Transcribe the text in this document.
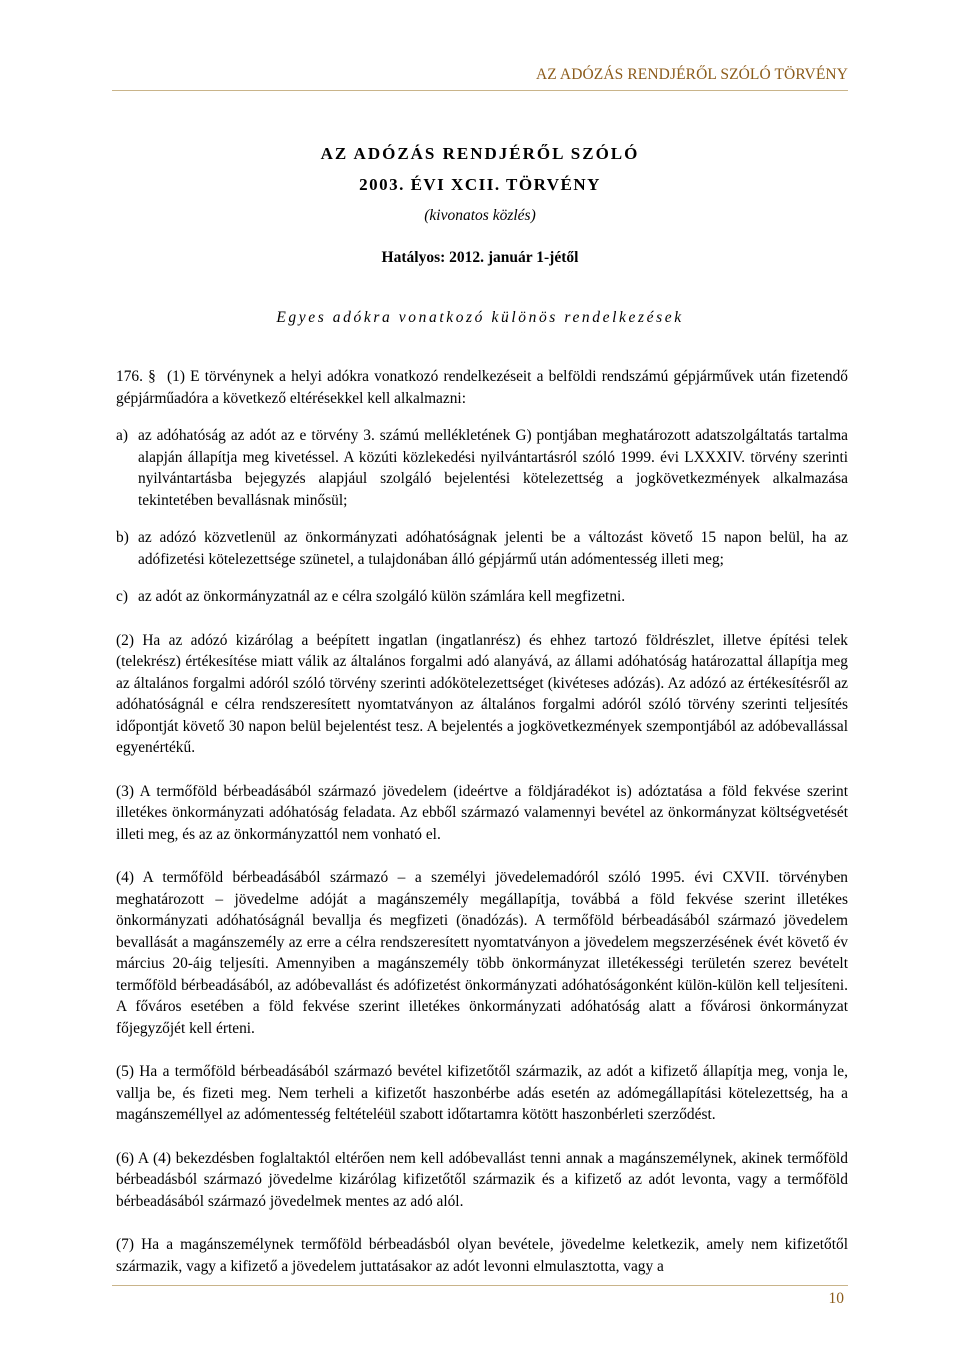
AZ ADÓZÁS RENDJÉRŐL SZÓLÓ TÖRVÉNY
AZ ADÓZÁS RENDJÉRŐL SZÓLÓ
2003. ÉVI XCII. TÖRVÉNY
(kivonatos közlés)
Hatályos: 2012. január 1-jétől
Egyes adókra vonatkozó különös rendelkezések

176. § (1) E törvénynek a helyi adókra vonatkozó rendelkezéseit a belföldi rendszámú gépjárművek után fizetendő gépjárműadóra a következő eltérésekkel kell alkalmazni:

a) az adóhatóság az adót az e törvény 3. számú mellékletének G) pontjában meghatározott adatszolgáltatás tartalma alapján állapítja meg kivetéssel. A közúti közlekedési nyilvántartásról szóló 1999. évi LXXXIV. törvény szerinti nyilvántartásba bejegyzés alapjául szolgáló bejelentési kötelezettség a jogkövetkezmények alkalmazása tekintetében bevallásnak minősül;
b) az adózó közvetlenül az önkormányzati adóhatóságnak jelenti be a változást követő 15 napon belül, ha az adófizetési kötelezettsége szünetel, a tulajdonában álló gépjármű után adómentesség illeti meg;
c) az adót az önkormányzatnál az e célra szolgáló külön számlára kell megfizetni.

(2) Ha az adózó kizárólag a beépített ingatlan (ingatlanrész) és ehhez tartozó földrészlet, illetve építési telek (telekrész) értékesítése miatt válik az általános forgalmi adó alanyává, az állami adóhatóság határozattal állapítja meg az általános forgalmi adóról szóló törvény szerinti adókötelezettséget (kivéteses adózás). Az adózó az értékesítésről az adóhatóságnál e célra rendszeresített nyomtatványon az általános forgalmi adóról szóló törvény szerinti teljesítés időpontját követő 30 napon belül bejelentést tesz. A bejelentés a jogkövetkezmények szempontjából az adóbevallással egyenértékű.

(3) A termőföld bérbeadásából származó jövedelem (ideértve a földjáradékot is) adóztatása a föld fekvése szerint illetékes önkormányzati adóhatóság feladata. Az ebből származó valamennyi bevétel az önkormányzat költségvetését illeti meg, és az az önkormányzattól nem vonható el.

(4) A termőföld bérbeadásából származó – a személyi jövedelemadóról szóló 1995. évi CXVII. törvényben meghatározott – jövedelme adóját a magánszemély megállapítja, továbbá a föld fekvése szerint illetékes önkormányzati adóhatóságnál bevallja és megfizeti (önadózás). A termőföld bérbeadásából származó jövedelem bevallását a magánszemély az erre a célra rendszeresített nyomtatványon a jövedelem megszerzésének évét követő év március 20-áig teljesíti. Amennyiben a magánszemély több önkormányzat illetékességi területén szerez bevételt termőföld bérbeadásából, az adóbevallást és adófizetést önkormányzati adóhatóságonként külön-külön kell teljesíteni. A főváros esetében a föld fekvése szerint illetékes önkormányzati adóhatóság alatt a fővárosi önkormányzat főjegyzőjét kell érteni.

(5) Ha a termőföld bérbeadásából származó bevétel kifizetőtől származik, az adót a kifizető állapítja meg, vonja le, vallja be, és fizeti meg. Nem terheli a kifizetőt haszonbérbe adás esetén az adómegállapítási kötelezettség, ha a magánszeméllyel az adómentesség feltételéül szabott időtartamra kötött haszonbérleti szerződést.

(6) A (4) bekezdésben foglaltaktól eltérően nem kell adóbevallást tenni annak a magánszemélynek, akinek termőföld bérbeadásból származó jövedelme kizárólag kifizetőtől származik és a kifizető az adót levonta, vagy a termőföld bérbeadásából származó jövedelmek mentes az adó alól.

(7) Ha a magánszemélynek termőföld bérbeadásból olyan bevétele, jövedelme keletkezik, amely nem kifizetőtől származik, vagy a kifizető a jövedelem juttatásakor az adót levonni elmulasztotta, vagy a

10
